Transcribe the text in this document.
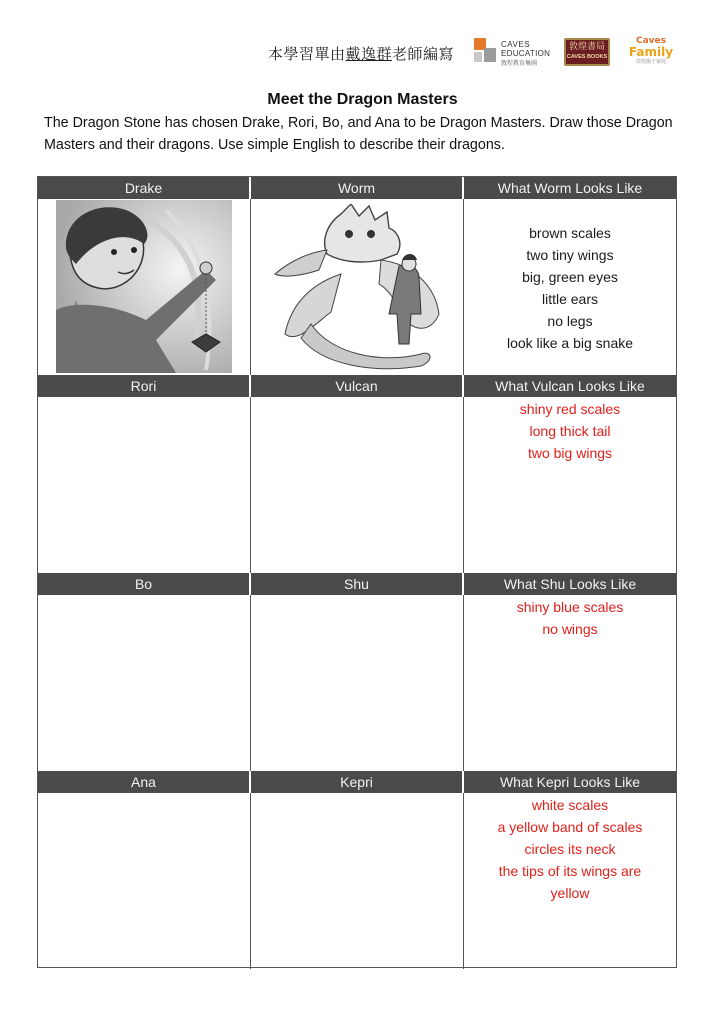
本學習單由戴逸群老師編寫
CAVES
EDUCATION
敦煌教育集團
敦煌書局
CAVES BOOKS
Caves
Family
敦煌親子家庭
Meet the Dragon Masters
The Dragon Stone has chosen Drake, Rori, Bo, and Ana to be Dragon Masters. Draw those Dragon Masters and their dragons. Use simple English to describe their dragons.
Drake	Worm	What Worm Looks Like
brown scales
two tiny wings
big, green eyes
little ears
no legs
look like a big snake
Rori	Vulcan	What Vulcan Looks Like
shiny red scales
long thick tail
two big wings
Bo	Shu	What Shu Looks Like
shiny blue scales
no wings
Ana	Kepri	What Kepri Looks Like
white scales
a yellow band of scales
circles its neck
the tips of its wings are
yellow
